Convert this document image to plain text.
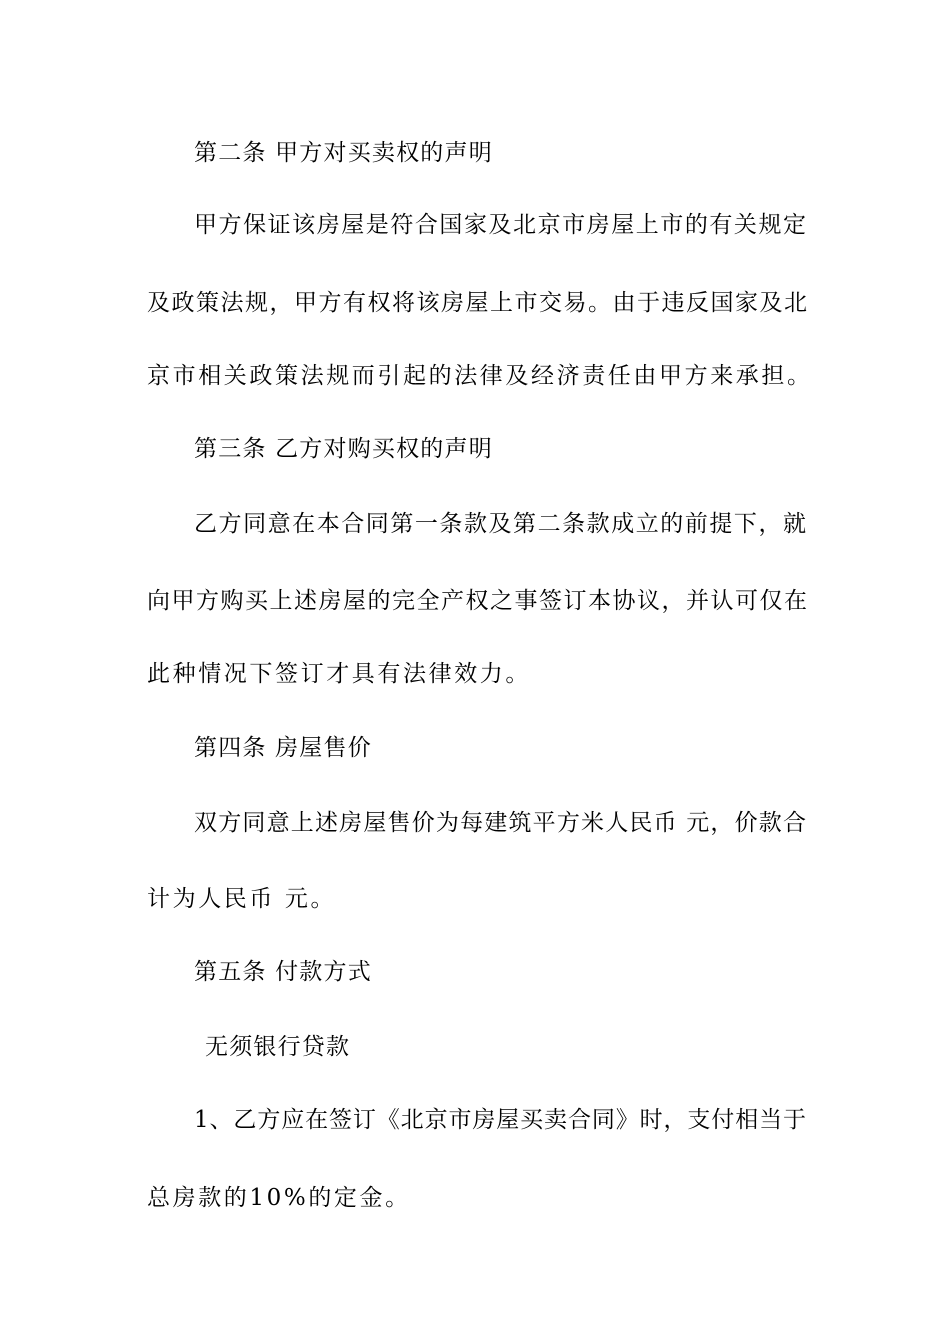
第二条 甲方对买卖权的声明
甲方保证该房屋是符合国家及北京市房屋上市的有关规定
及政策法规，甲方有权将该房屋上市交易。由于违反国家及北
京市相关政策法规而引起的法律及经济责任由甲方来承担。
第三条 乙方对购买权的声明
乙方同意在本合同第一条款及第二条款成立的前提下，就
向甲方购买上述房屋的完全产权之事签订本协议，并认可仅在
此种情况下签订才具有法律效力。
第四条 房屋售价
双方同意上述房屋售价为每建筑平方米人民币 元，价款合
计为人民币 元。
第五条 付款方式
无须银行贷款
1、乙方应在签订《北京市房屋买卖合同》时，支付相当于
总房款的10%的定金。
